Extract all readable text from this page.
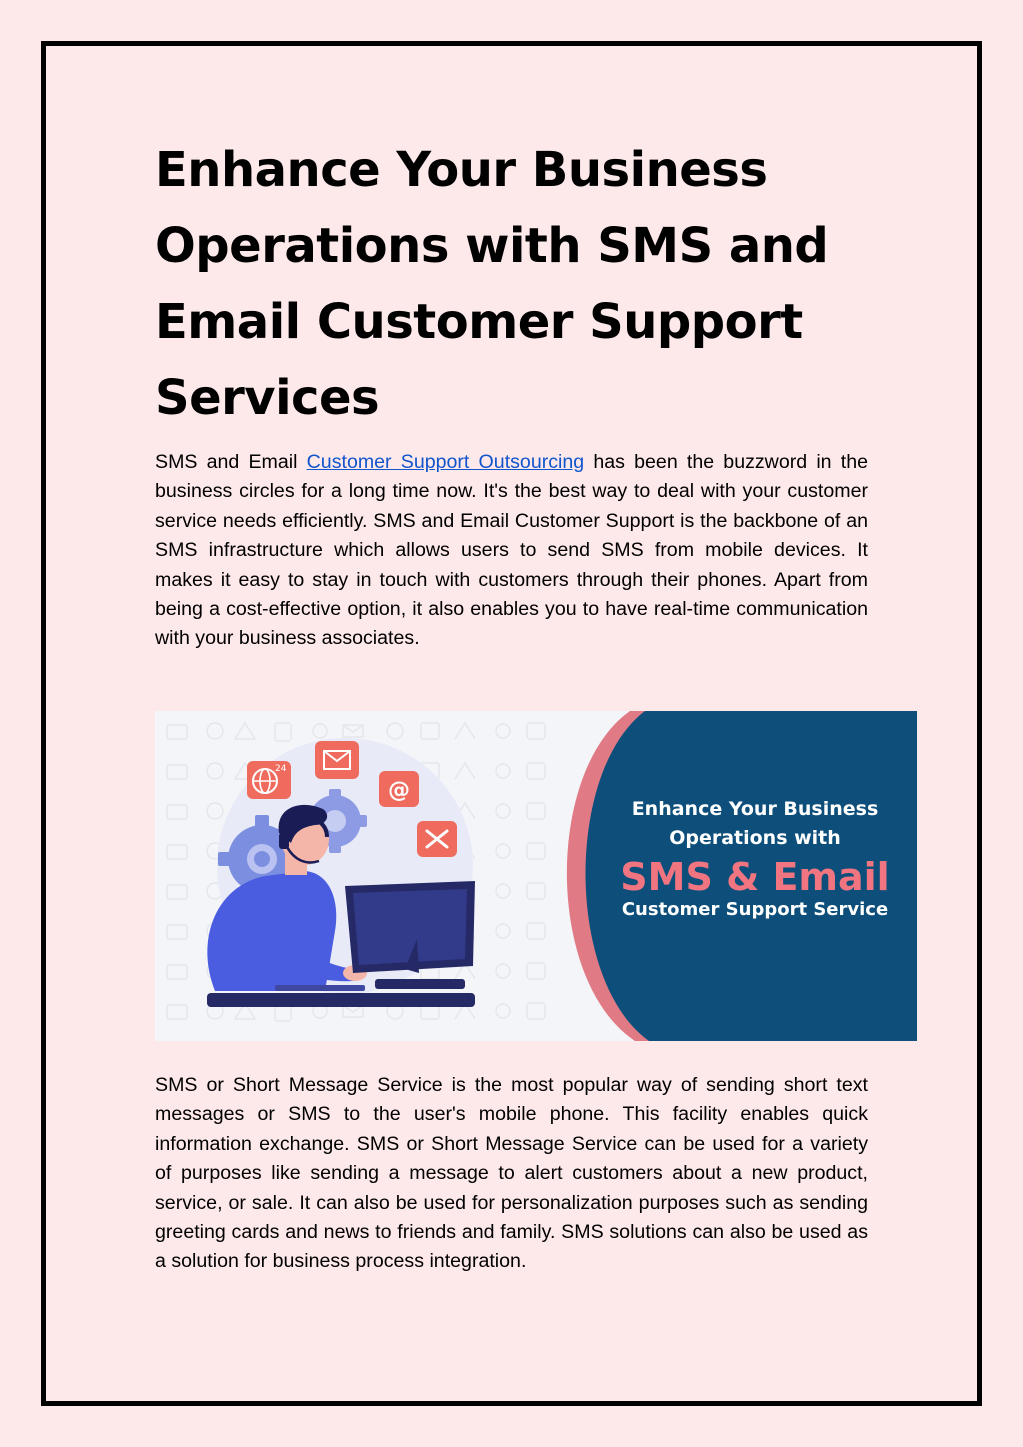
Enhance Your Business Operations with SMS and Email Customer Support Services

SMS and Email Customer Support Outsourcing has been the buzzword in the business circles for a long time now. It's the best way to deal with your customer service needs efficiently. SMS and Email Customer Support is the backbone of an SMS infrastructure which allows users to send SMS from mobile devices. It makes it easy to stay in touch with customers through their phones. Apart from being a cost-effective option, it also enables you to have real-time communication with your business associates.

24
@
Enhance Your Business
Operations with
SMS & Email
Customer Support Service

SMS or Short Message Service is the most popular way of sending short text messages or SMS to the user's mobile phone. This facility enables quick information exchange. SMS or Short Message Service can be used for a variety of purposes like sending a message to alert customers about a new product, service, or sale. It can also be used for personalization purposes such as sending greeting cards and news to friends and family. SMS solutions can also be used as a solution for business process integration.
